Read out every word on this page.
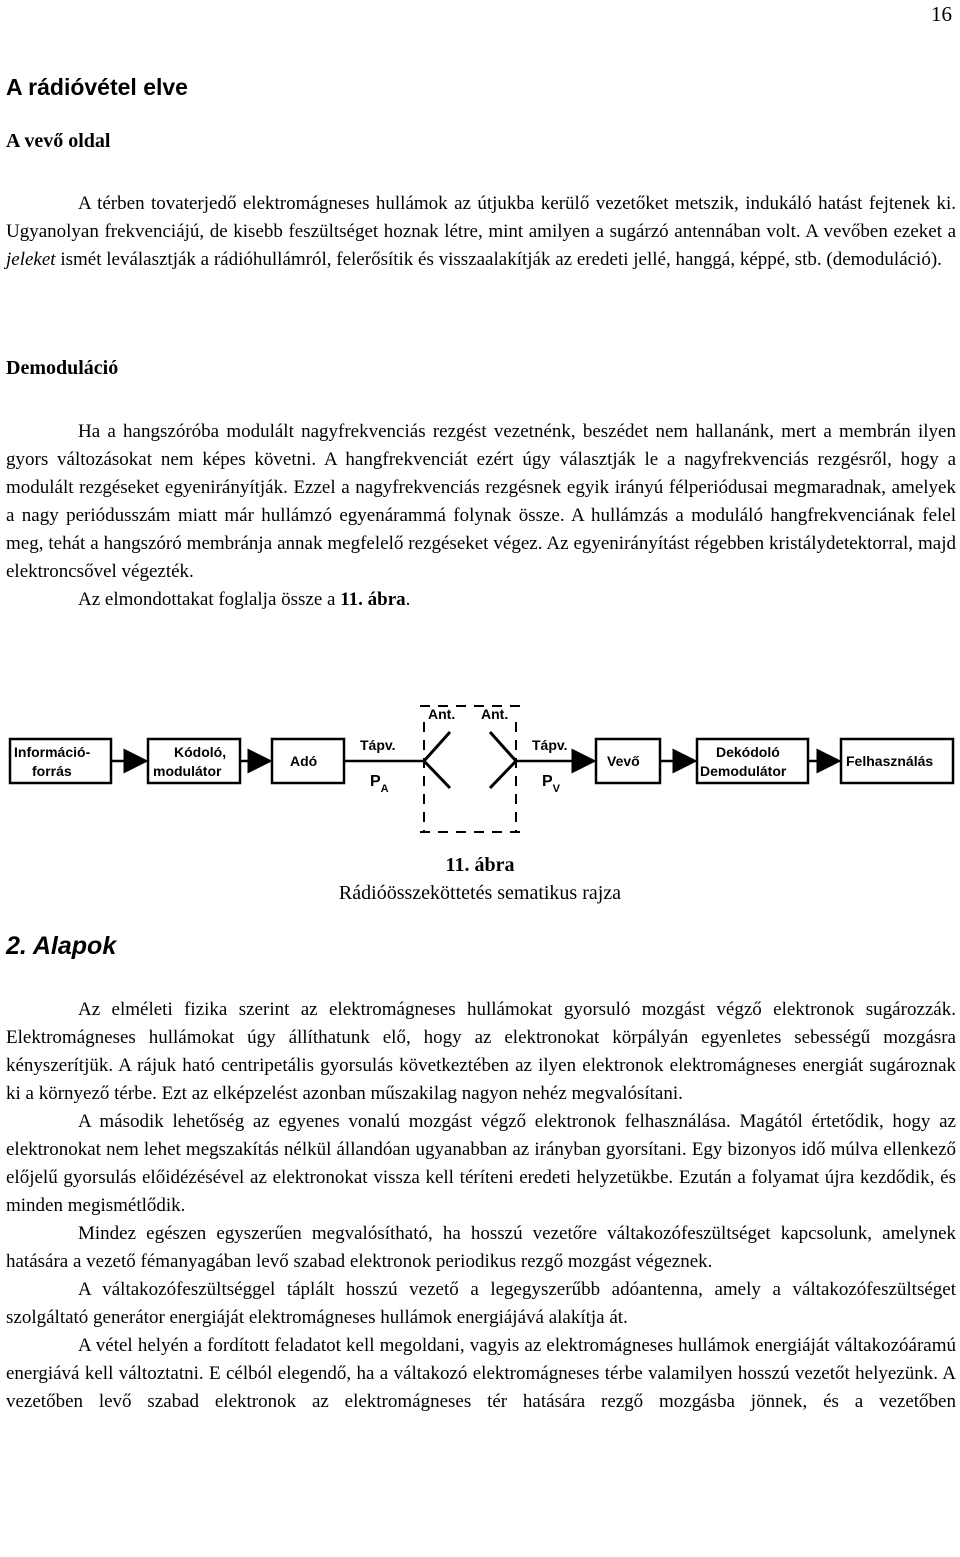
16
A rádióvétel elve
A vevő oldal

A térben tovaterjedő elektromágneses hullámok az útjukba kerülő vezetőket metszik, indukáló hatást fejtenek ki. Ugyanolyan frekvenciájú, de kisebb feszültséget hoznak létre, mint amilyen a sugárzó antennában volt. A vevőben ezeket a jeleket ismét leválasztják a rádióhullámról, felerősítik és visszaalakítják az eredeti jellé, hanggá, képpé, stb. (demoduláció).

Demoduláció

Ha a hangszóróba modulált nagyfrekvenciás rezgést vezetnénk, beszédet nem hallanánk, mert a membrán ilyen gyors változásokat nem képes követni. A hangfrekvenciát ezért úgy választják le a nagyfrekvenciás rezgésről, hogy a modulált rezgéseket egyenirányítják. Ezzel a nagyfrekvenciás rezgésnek egyik irányú félperiódusai megmaradnak, amelyek a nagy periódusszám miatt már hullámzó egyenárammá folynak össze. A hullámzás a moduláló hangfrekvenciának felel meg, tehát a hangszóró membránja annak megfelelő rezgéseket végez. Az egyenirányítást régebben kristálydetektorral, majd elektroncsővel végezték.

Az elmondottakat foglalja össze a 11. ábra.

Ant. Ant.
Információ-
forrás
Kódoló,
modulátor
Adó	Vevő
Dekódoló
Demodulátor
Felhasználás
Tápv.	Tápv.
$P_A$	$P_V$
11. ábra
Rádióösszeköttetés sematikus rajza
2. Alapok

Az elméleti fizika szerint az elektromágneses hullámokat gyorsuló mozgást végző elektronok sugározzák. Elektromágneses hullámokat úgy állíthatunk elő, hogy az elektronokat körpályán egyenletes sebességű mozgásra kényszerítjük. A rájuk ható centripetális gyorsulás következtében az ilyen elektronok elektromágneses energiát sugároznak ki a környező térbe. Ezt az elképzelést azonban műszakilag nagyon nehéz megvalósítani.

A második lehetőség az egyenes vonalú mozgást végző elektronok felhasználása. Magától értetődik, hogy az elektronokat nem lehet megszakítás nélkül állandóan ugyanabban az irányban gyorsítani. Egy bizonyos idő múlva ellenkező előjelű gyorsulás előidézésével az elektronokat vissza kell téríteni eredeti helyzetükbe. Ezután a folyamat újra kezdődik, és minden megismétlődik.

Mindez egészen egyszerűen megvalósítható, ha hosszú vezetőre váltakozófeszültséget kapcsolunk, amelynek hatására a vezető fémanyagában levő szabad elektronok periodikus rezgő mozgást végeznek.

A váltakozófeszültséggel táplált hosszú vezető a legegyszerűbb adóantenna, amely a váltakozófeszültséget szolgáltató generátor energiáját elektromágneses hullámok energiájává alakítja át.

A vétel helyén a fordított feladatot kell megoldani, vagyis az elektromágneses hullámok energiáját váltakozóáramú energiává kell változtatni. E célból elegendő, ha a váltakozó elektromágneses térbe valamilyen hosszú vezetőt helyezünk. A vezetőben levő szabad elektronok az elektromágneses tér hatására rezgő mozgásba jönnek, és a vezetőben
